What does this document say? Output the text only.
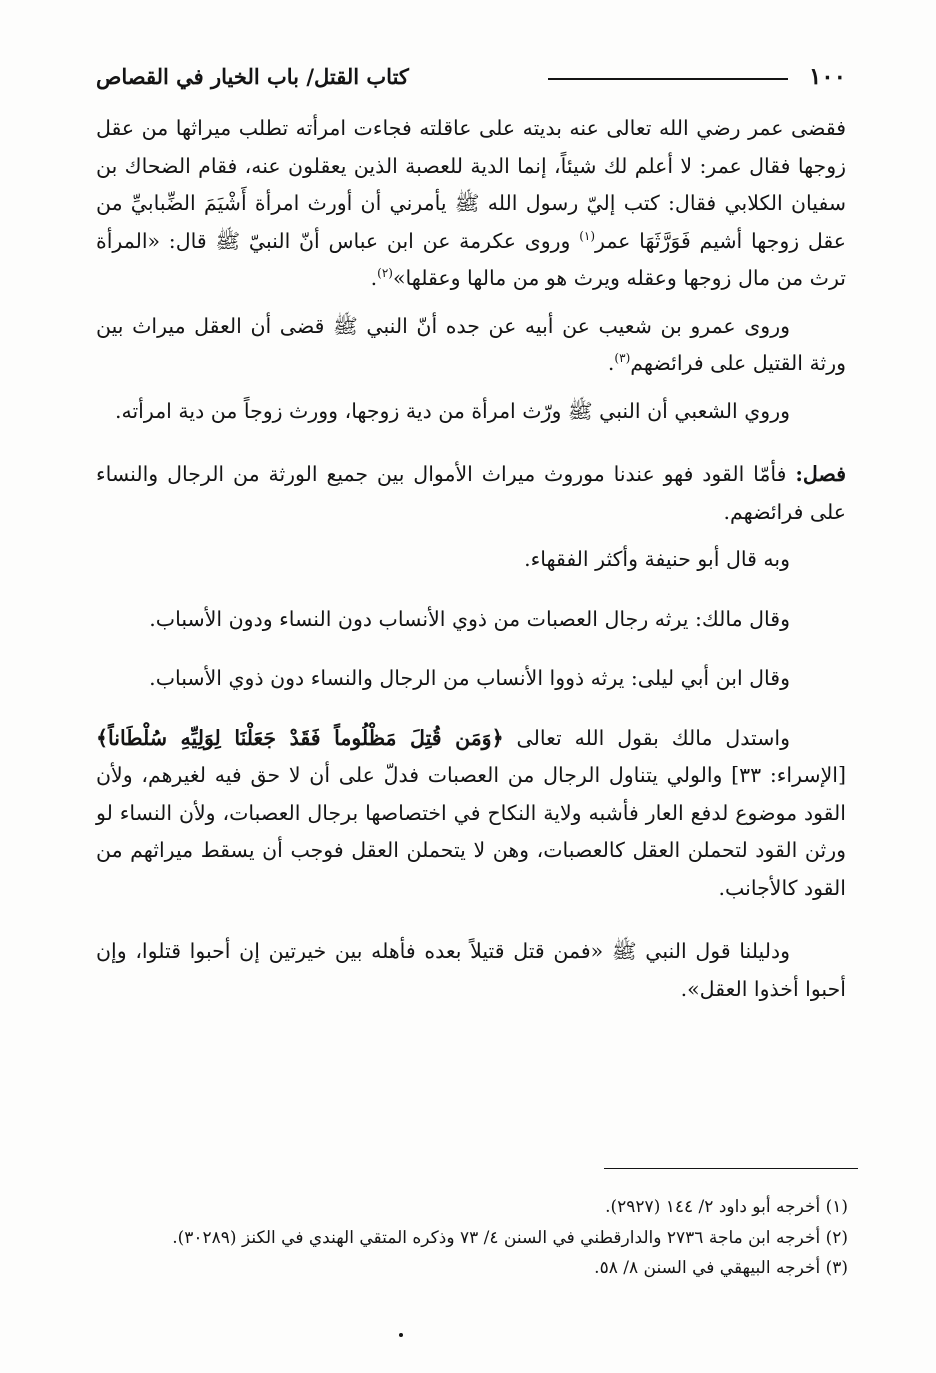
١٠٠
كتاب القتل/ باب الخيار في القصاص

فقضى عمر رضي الله تعالى عنه بديته على عاقلته فجاءت امرأته تطلب ميراثها من عقل زوجها فقال عمر: لا أعلم لك شيئاً، إنما الدية للعصبة الذين يعقلون عنه، فقام الضحاك بن سفيان الكلابي فقال: كتب إليّ رسول الله ﷺ يأمرني أن أورث امرأة أَشْيَمَ الضِّبابيِّ من عقل زوجها أشيم فَوَرَّثَهَا عمر$^{(١)}$ وروى عكرمة عن ابن عباس أنّ النبيّ ﷺ قال: «المرأة ترث من مال زوجها وعقله ويرث هو من مالها وعقلها»$^{(٢)}$.

وروى عمرو بن شعيب عن أبيه عن جده أنّ النبي ﷺ قضى أن العقل ميراث بين ورثة القتيل على فرائضهم$^{(٣)}$.

وروي الشعبي أن النبي ﷺ ورّث امرأة من دية زوجها، وورث زوجاً من دية امرأته.

فصل: فأمّا القود فهو عندنا موروث ميراث الأموال بين جميع الورثة من الرجال والنساء على فرائضهم.

وبه قال أبو حنيفة وأكثر الفقهاء.

وقال مالك: يرثه رجال العصبات من ذوي الأنساب دون النساء ودون الأسباب.

وقال ابن أبي ليلى: يرثه ذووا الأنساب من الرجال والنساء دون ذوي الأسباب.

واستدل مالك بقول الله تعالى ﴿وَمَن قُتِلَ مَظْلُوماً فَقَدْ جَعَلْنَا لِوَلِيِّهِ سُلْطَاناً﴾ [الإسراء: ٣٣] والولي يتناول الرجال من العصبات فدلّ على أن لا حق فيه لغيرهم، ولأن القود موضوع لدفع العار فأشبه ولاية النكاح في اختصاصها برجال العصبات، ولأن النساء لو ورثن القود لتحملن العقل كالعصبات، وهن لا يتحملن العقل فوجب أن يسقط ميراثهم من القود كالأجانب.

ودليلنا قول النبي ﷺ «فمن قتل قتيلاً بعده فأهله بين خيرتين إن أحبوا قتلوا، وإن أحبوا أخذوا العقل».

(١) أخرجه أبو داود ٢/ ١٤٤ (٢٩٢٧).

(٢) أخرجه ابن ماجة ٢٧٣٦ والدارقطني في السنن ٤/ ٧٣ وذكره المتقي الهندي في الكنز (٣٠٢٨٩).

(٣) أخرجه البيهقي في السنن ٨/ ٥٨.
